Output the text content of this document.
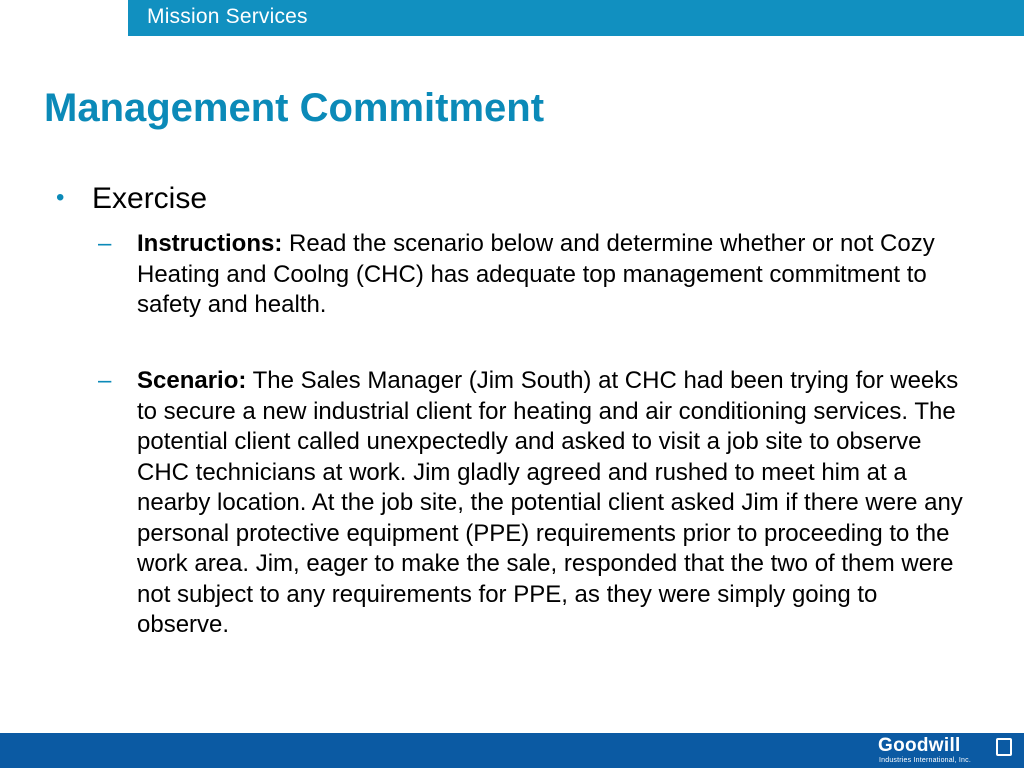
Mission Services
Management Commitment
• Exercise
– Instructions: Read the scenario below and determine whether or not Cozy Heating and Coolng (CHC) has adequate top management commitment to safety and health.
– Scenario: The Sales Manager (Jim South) at CHC had been trying for weeks to secure a new industrial client for heating and air conditioning services. The potential client called unexpectedly and asked to visit a job site to observe CHC technicians at work. Jim gladly agreed and rushed to meet him at a nearby location. At the job site, the potential client asked Jim if there were any personal protective equipment (PPE) requirements prior to proceeding to the work area. Jim, eager to make the sale, responded that the two of them were not subject to any requirements for PPE, as they were simply going to observe.
Goodwill
Industries International, Inc.
